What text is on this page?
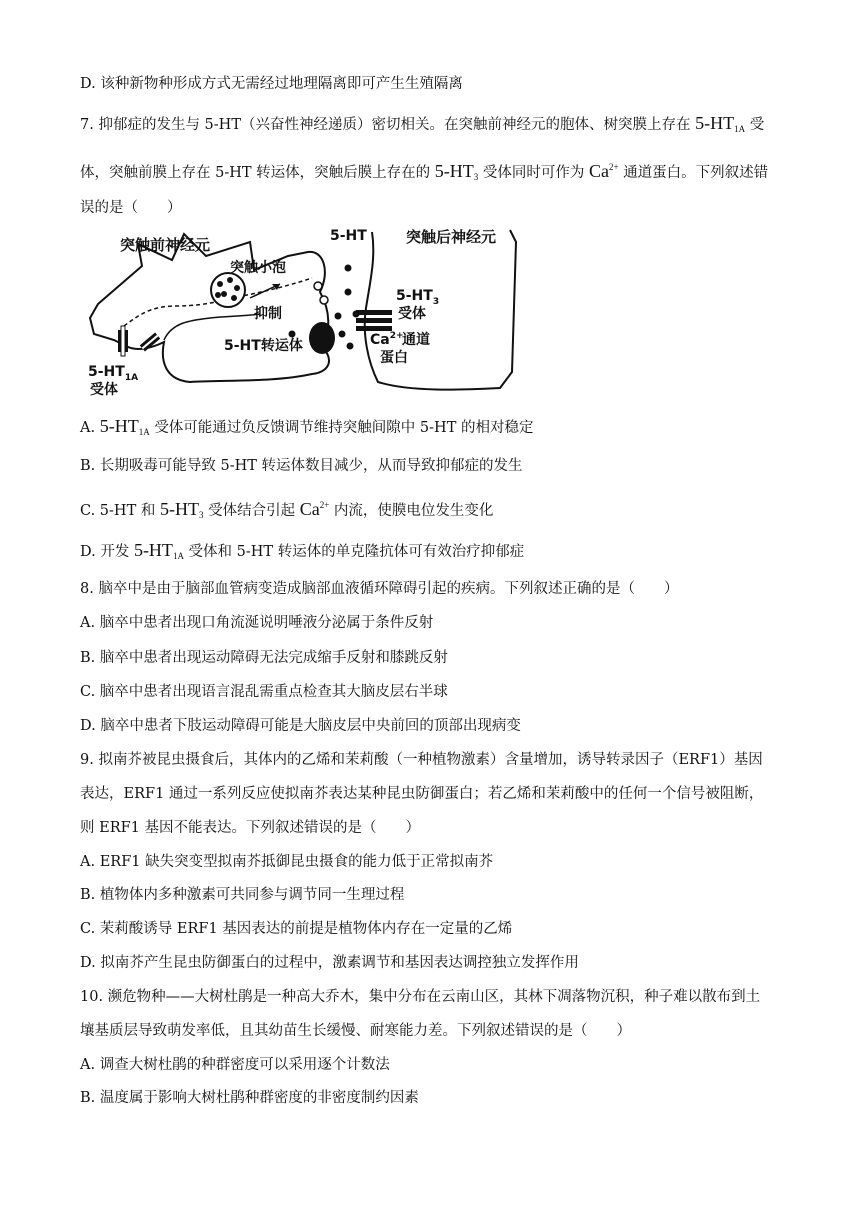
D. 该种新物种形成方式无需经过地理隔离即可产生生殖隔离
7. 抑郁症的发生与 5-HT（兴奋性神经递质）密切相关。在突触前神经元的胞体、树突膜上存在 $5-HT_{1A}$ 受
体，突触前膜上存在 5-HT 转运体，突触后膜上存在的 $5-HT_3$ 受体同时可作为 $Ca^{2+}$ 通道蛋白。下列叙述错
误的是（　　）
突触前神经元	5-HT	突触后神经元
突触小泡
抑制
5-HT转运体
$5-HT_3$
受体
$Ca^{2+}$
通道
蛋白
$5-HT_{1A}$
受体
A. $5-HT_{1A}$ 受体可能通过负反馈调节维持突触间隙中 5-HT 的相对稳定
B. 长期吸毒可能导致 5-HT 转运体数目减少，从而导致抑郁症的发生
C. 5-HT 和 $5-HT_3$ 受体结合引起 $Ca^{2+}$ 内流，使膜电位发生变化
D. 开发 $5-HT_{1A}$ 受体和 5-HT 转运体的单克隆抗体可有效治疗抑郁症
8. 脑卒中是由于脑部血管病变造成脑部血液循环障碍引起的疾病。下列叙述正确的是（　　）
A. 脑卒中患者出现口角流涎说明唾液分泌属于条件反射
B. 脑卒中患者出现运动障碍无法完成缩手反射和膝跳反射
C. 脑卒中患者出现语言混乱需重点检查其大脑皮层右半球
D. 脑卒中患者下肢运动障碍可能是大脑皮层中央前回的顶部出现病变
9. 拟南芥被昆虫摄食后，其体内的乙烯和茉莉酸（一种植物激素）含量增加，诱导转录因子（ERF1）基因
表达，ERF1 通过一系列反应使拟南芥表达某种昆虫防御蛋白；若乙烯和茉莉酸中的任何一个信号被阻断，
则 ERF1 基因不能表达。下列叙述错误的是（　　）
A. ERF1 缺失突变型拟南芥抵御昆虫摄食的能力低于正常拟南芥
B. 植物体内多种激素可共同参与调节同一生理过程
C. 茉莉酸诱导 ERF1 基因表达的前提是植物体内存在一定量的乙烯
D. 拟南芥产生昆虫防御蛋白的过程中，激素调节和基因表达调控独立发挥作用
10. 濒危物种——大树杜鹃是一种高大乔木，集中分布在云南山区，其林下凋落物沉积，种子难以散布到土
壤基质层导致萌发率低，且其幼苗生长缓慢、耐寒能力差。下列叙述错误的是（　　）
A. 调查大树杜鹃的种群密度可以采用逐个计数法
B. 温度属于影响大树杜鹃种群密度的非密度制约因素
